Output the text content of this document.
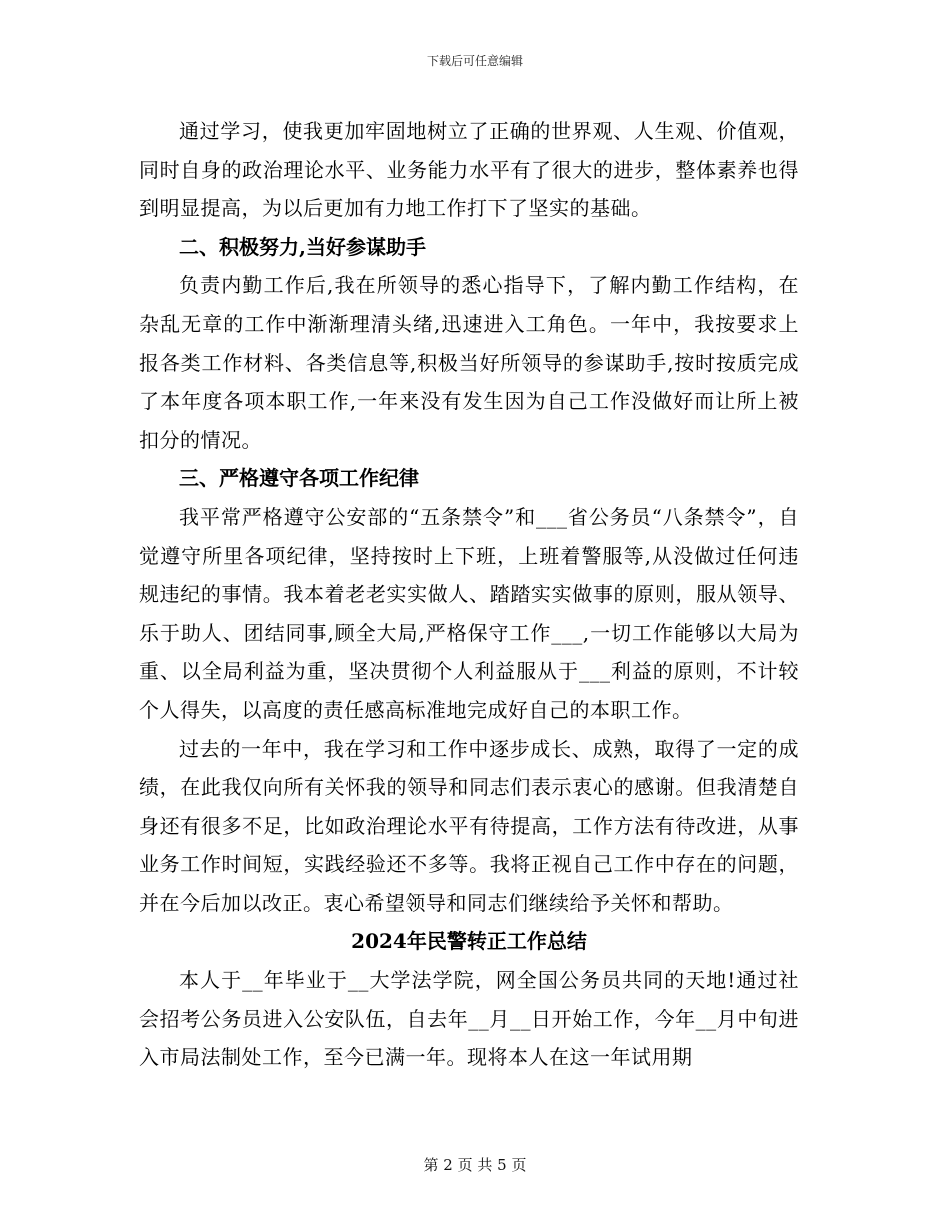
下载后可任意编辑

通过学习，使我更加牢固地树立了正确的世界观、人生观、价值观，同时自身的政治理论水平、业务能力水平有了很大的进步，整体素养也得到明显提高，为以后更加有力地工作打下了坚实的基础。

二、积极努力,当好参谋助手

负责内勤工作后,我在所领导的悉心指导下，了解内勤工作结构，在杂乱无章的工作中渐渐理清头绪,迅速进入工角色。一年中，我按要求上报各类工作材料、各类信息等,积极当好所领导的参谋助手,按时按质完成了本年度各项本职工作,一年来没有发生因为自己工作没做好而让所上被扣分的情况。

三、严格遵守各项工作纪律

我平常严格遵守公安部的“五条禁令”和___省公务员“八条禁令”，自觉遵守所里各项纪律，坚持按时上下班，上班着警服等,从没做过任何违规违纪的事情。我本着老老实实做人、踏踏实实做事的原则，服从领导、乐于助人、团结同事,顾全大局,严格保守工作___,一切工作能够以大局为重、以全局利益为重，坚决贯彻个人利益服从于___利益的原则，不计较个人得失，以高度的责任感高标准地完成好自己的本职工作。

过去的一年中，我在学习和工作中逐步成长、成熟，取得了一定的成绩，在此我仅向所有关怀我的领导和同志们表示衷心的感谢。但我清楚自身还有很多不足，比如政治理论水平有待提高，工作方法有待改进，从事业务工作时间短，实践经验还不多等。我将正视自己工作中存在的问题，并在今后加以改正。衷心希望领导和同志们继续给予关怀和帮助。

2024年民警转正工作总结

本人于__年毕业于__大学法学院，网全国公务员共同的天地!通过社会招考公务员进入公安队伍，自去年__月__日开始工作，今年__月中旬进入市局法制处工作，至今已满一年。现将本人在这一年试用期

第 2 页 共 5 页
